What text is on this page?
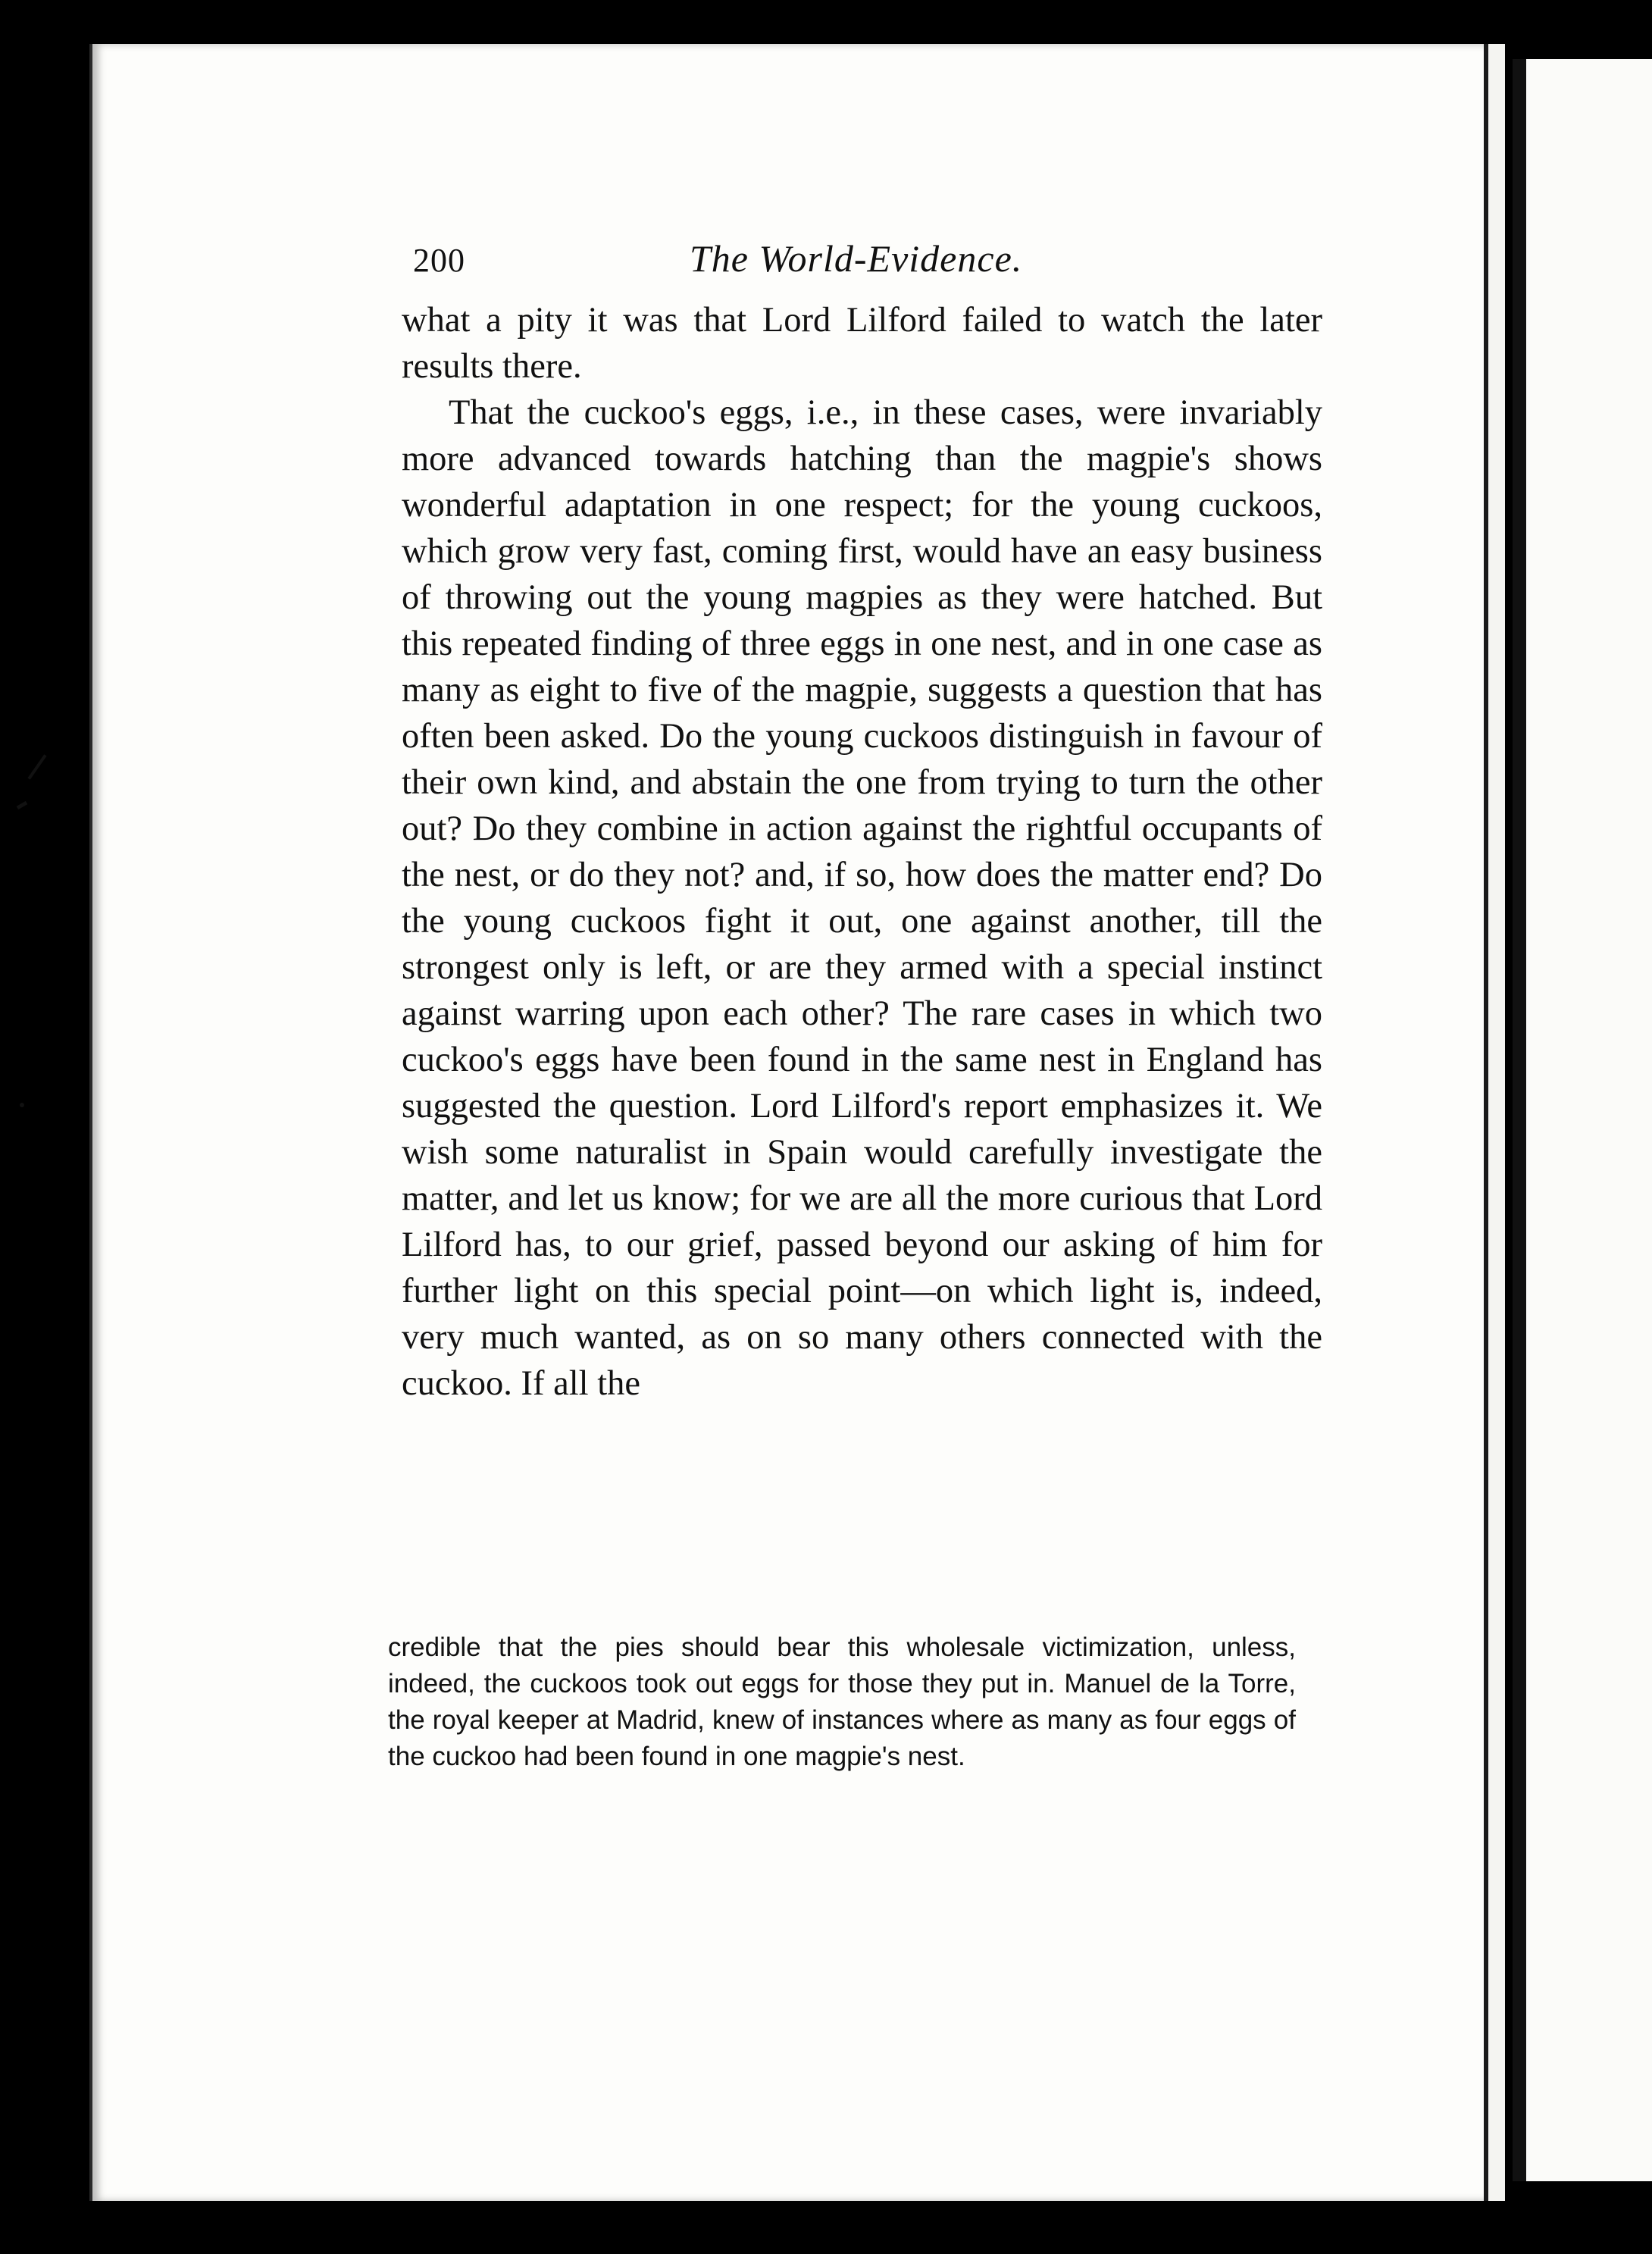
200	The World-Evidence.

what a pity it was that Lord Lilford failed to watch the later results there.

That the cuckoo's eggs, i.e., in these cases, were invariably more advanced towards hatching than the magpie's shows wonderful adaptation in one respect; for the young cuckoos, which grow very fast, coming first, would have an easy business of throwing out the young magpies as they were hatched. But this repeated finding of three eggs in one nest, and in one case as many as eight to five of the magpie, suggests a question that has often been asked. Do the young cuckoos distinguish in favour of their own kind, and abstain the one from trying to turn the other out? Do they combine in action against the rightful occupants of the nest, or do they not? and, if so, how does the matter end? Do the young cuckoos fight it out, one against another, till the strongest only is left, or are they armed with a special instinct against warring upon each other? The rare cases in which two cuckoo's eggs have been found in the same nest in England has suggested the question. Lord Lilford's report emphasizes it. We wish some naturalist in Spain would carefully investigate the matter, and let us know; for we are all the more curious that Lord Lilford has, to our grief, passed beyond our asking of him for further light on this special point—on which light is, indeed, very much wanted, as on so many others connected with the cuckoo. If all the

credible that the pies should bear this wholesale victimization, unless, indeed, the cuckoos took out eggs for those they put in. Manuel de la Torre, the royal keeper at Madrid, knew of instances where as many as four eggs of the cuckoo had been found in one magpie's nest.
